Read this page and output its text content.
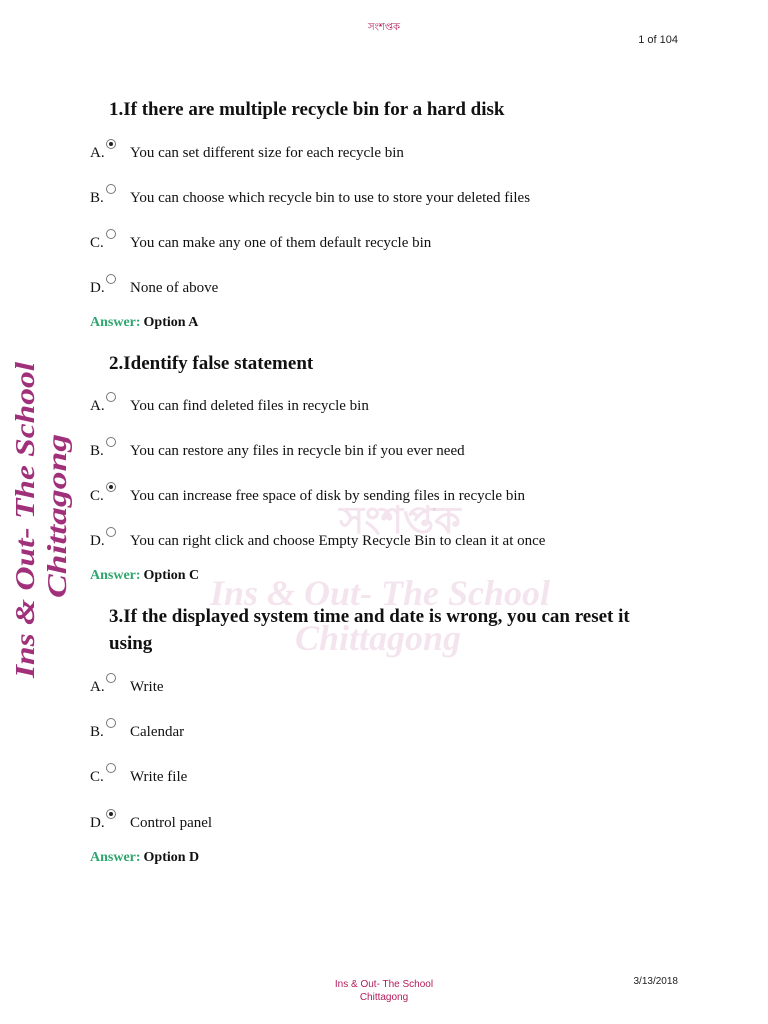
সংশপ্তক
1 of 104
Ins & Out- The School Chittagong	সংশপ্তক
Ins & Out- The School
Chittagong
1.If there are multiple recycle bin for a hard disk
A. You can set different size for each recycle bin
B. You can choose which recycle bin to use to store your deleted files
C. You can make any one of them default recycle bin
D. None of above
Answer: Option A
2.Identify false statement
A. You can find deleted files in recycle bin
B. You can restore any files in recycle bin if you ever need
C. You can increase free space of disk by sending files in recycle bin
D. You can right click and choose Empty Recycle Bin to clean it at once
Answer: Option C
3.If the displayed system time and date is wrong, you can reset it using
A. Write
B. Calendar
C. Write file
D. Control panel
Answer: Option D
Ins & Out- The School
Chittagong
3/13/2018
